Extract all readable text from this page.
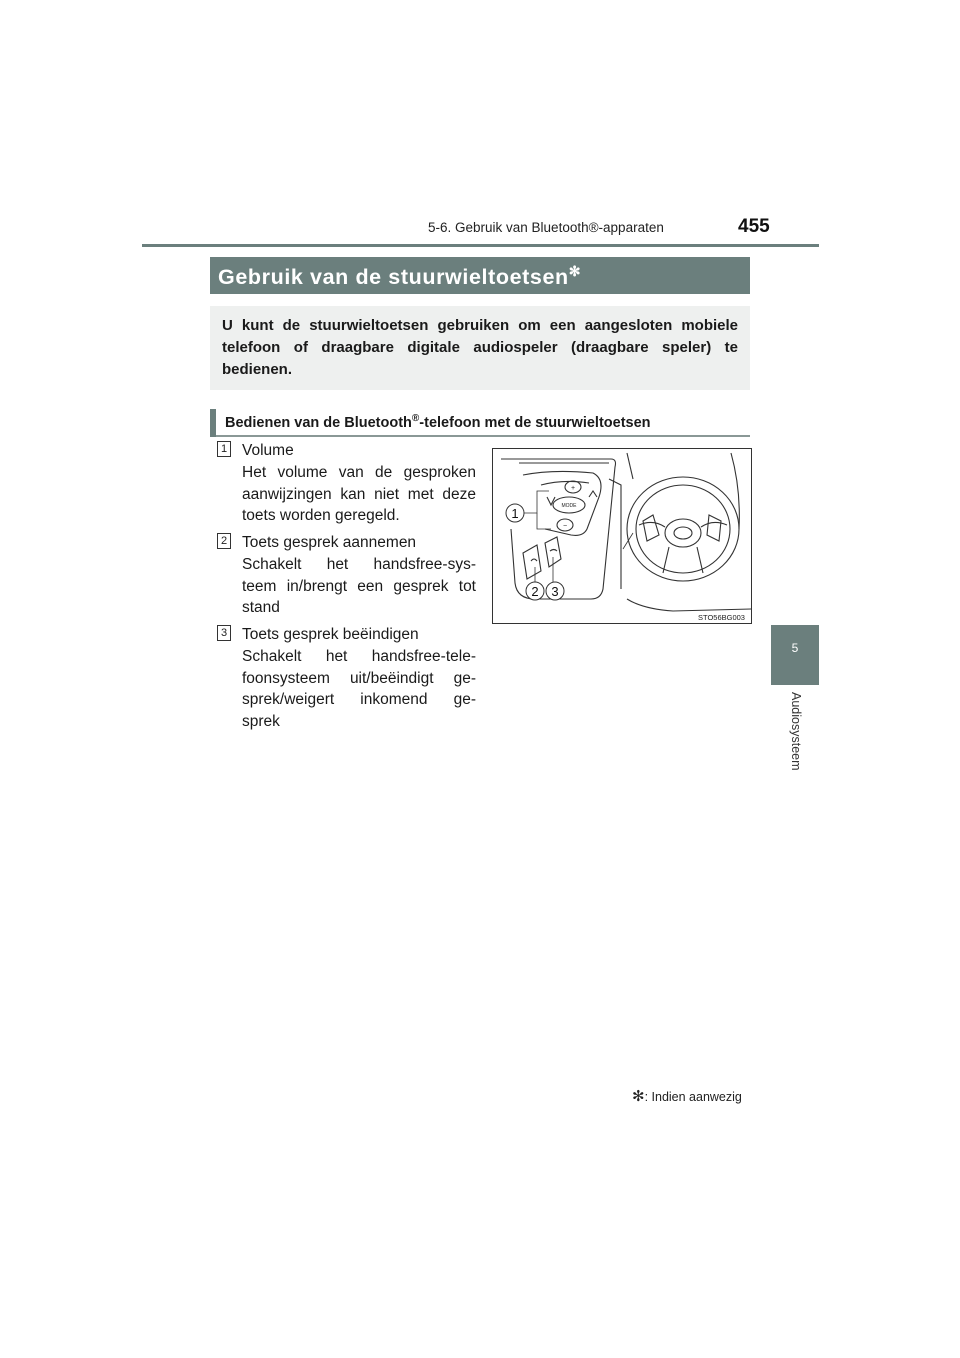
5-6. Gebruik van Bluetooth®-apparaten	455
5
Audiosysteem
Gebruik van de stuurwieltoetsen✻

U kunt de stuurwieltoetsen gebruiken om een aangesloten mobiele telefoon of draagbare digitale audiospeler (draagbare speler) te bedienen.

Bedienen van de Bluetooth®-telefoon met de stuurwieltoetsen
1 Volume
Het volume van de gesproken
aanwijzingen kan niet met deze
toets worden geregeld.
2 Toets gesprek aannemen
Schakelt het handsfree-sys-
teem in/brengt een gesprek tot
stand
3 Toets gesprek beëindigen
Schakelt het handsfree-tele-
foonsysteem uit/beëindigt ge-
sprek/weigert inkomend ge-
sprek
+
MODE
−
1
2 3
STO56BG003
✻: Indien aanwezig
